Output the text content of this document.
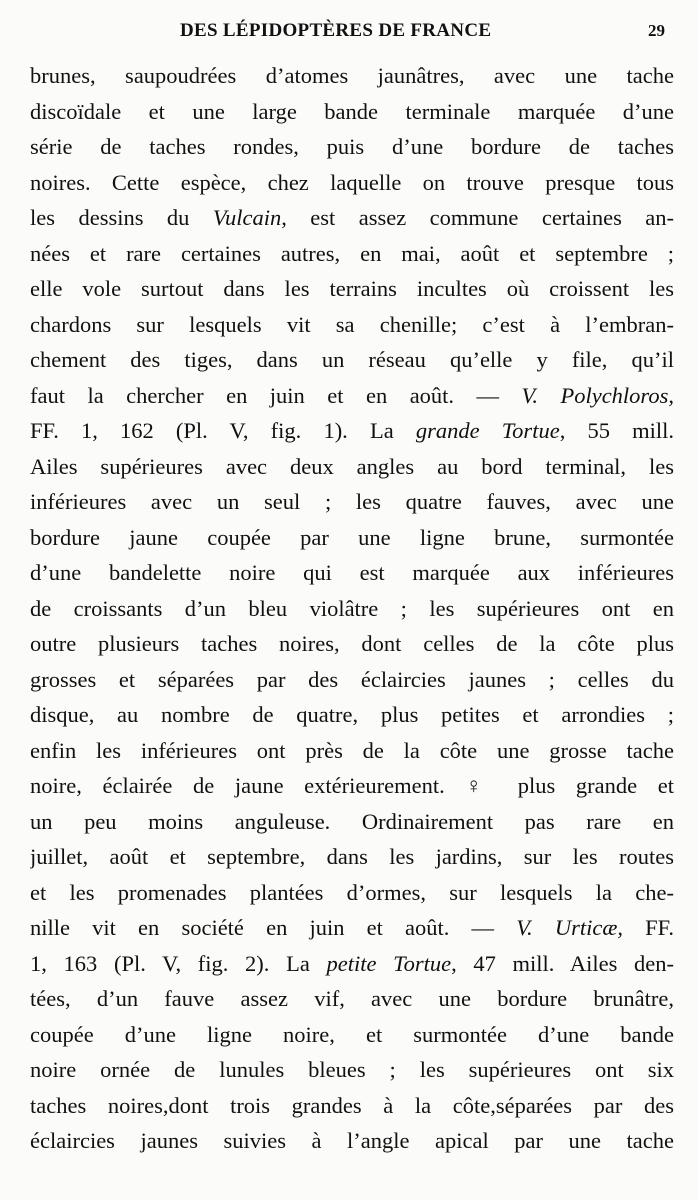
DES LÉPIDOPTÈRES DE FRANCE	29
brunes, saupoudrées d’atomes jaunâtres, avec une tache
discoïdale et une large bande terminale marquée d’une
série de taches rondes, puis d’une bordure de taches
noires. Cette espèce, chez laquelle on trouve presque tous
les dessins du Vulcain, est assez commune certaines an-
nées et rare certaines autres, en mai, août et septembre ;
elle vole surtout dans les terrains incultes où croissent les
chardons sur lesquels vit sa chenille; c’est à l’embran-
chement des tiges, dans un réseau qu’elle y file, qu’il
faut la chercher en juin et en août. — V. Polychloros,
FF. 1, 162 (Pl. V, fig. 1). La grande Tortue, 55 mill.
Ailes supérieures avec deux angles au bord terminal, les
inférieures avec un seul ; les quatre fauves, avec une
bordure jaune coupée par une ligne brune, surmontée
d’une bandelette noire qui est marquée aux inférieures
de croissants d’un bleu violâtre ; les supérieures ont en
outre plusieurs taches noires, dont celles de la côte plus
grosses et séparées par des éclaircies jaunes ; celles du
disque, au nombre de quatre, plus petites et arrondies ;
enfin les inférieures ont près de la côte une grosse tache
noire, éclairée de jaune extérieurement. ♀ plus grande et
un peu moins anguleuse. Ordinairement pas rare en
juillet, août et septembre, dans les jardins, sur les routes
et les promenades plantées d’ormes, sur lesquels la che-
nille vit en société en juin et août. — V. Urticæ, FF.
1, 163 (Pl. V, fig. 2). La petite Tortue, 47 mill. Ailes den-
tées, d’un fauve assez vif, avec une bordure brunâtre,
coupée d’une ligne noire, et surmontée d’une bande
noire ornée de lunules bleues ; les supérieures ont six
taches noires,dont trois grandes à la côte,séparées par des
éclaircies jaunes suivies à l’angle apical par une tache
